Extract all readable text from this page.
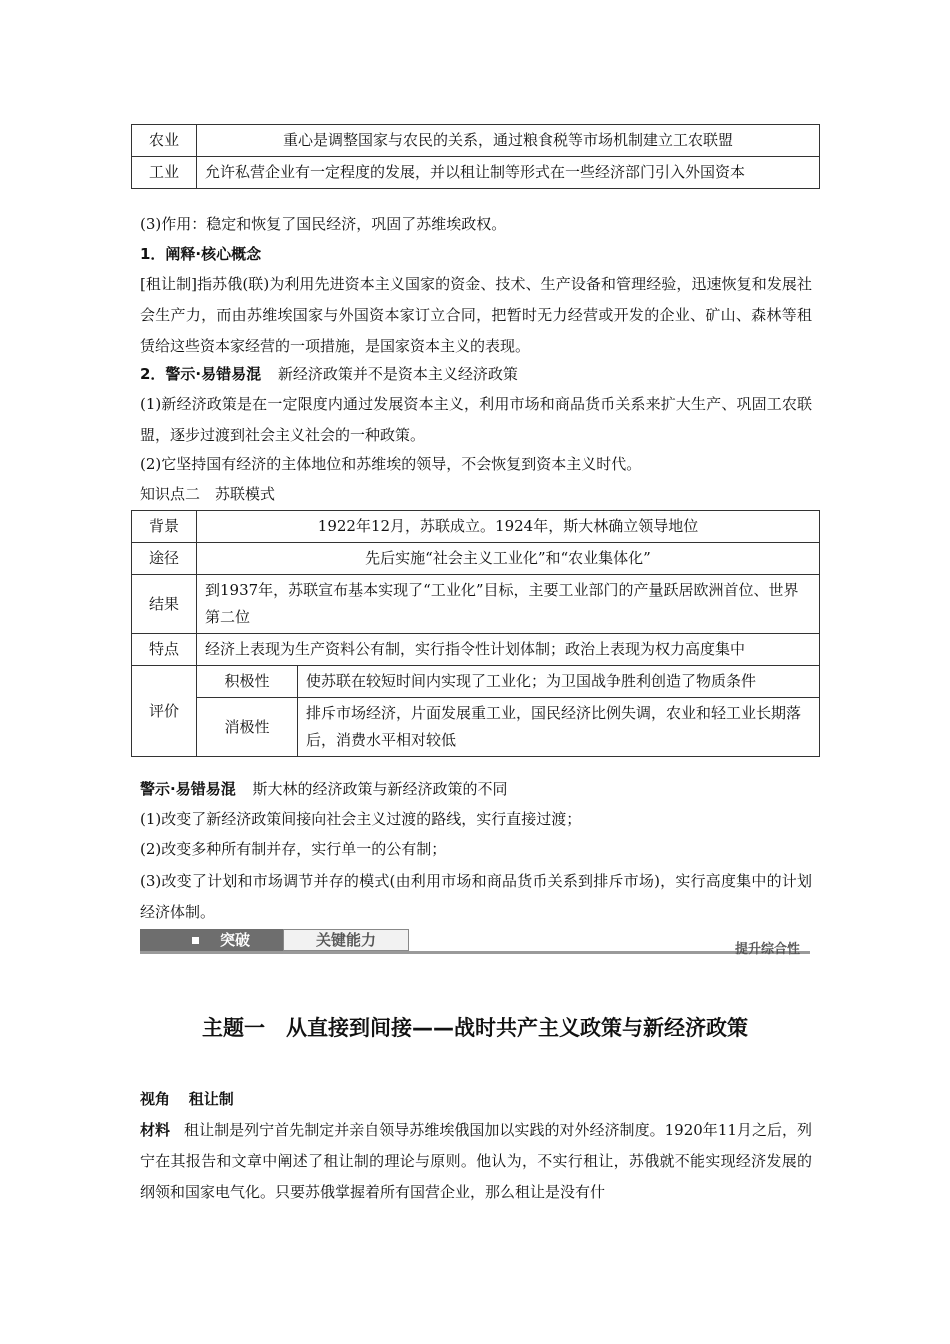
农业	重心是调整国家与农民的关系，通过粮食税等市场机制建立工农联盟
工业	允许私营企业有一定程度的发展，并以租让制等形式在一些经济部门引入外国资本
(3)作用：稳定和恢复了国民经济，巩固了苏维埃政权。
1．阐释·核心概念
[租让制]指苏俄(联)为利用先进资本主义国家的资金、技术、生产设备和管理经验，迅速恢复和发展社会生产力，而由苏维埃国家与外国资本家订立合同，把暂时无力经营或开发的企业、矿山、森林等租赁给这些资本家经营的一项措施，是国家资本主义的表现。
2．警示·易错易混 新经济政策并不是资本主义经济政策
(1)新经济政策是在一定限度内通过发展资本主义，利用市场和商品货币关系来扩大生产、巩固工农联盟，逐步过渡到社会主义社会的一种政策。
(2)它坚持国有经济的主体地位和苏维埃的领导，不会恢复到资本主义时代。
知识点二　苏联模式
背景	1922年12月，苏联成立。1924年，斯大林确立领导地位	
途径	先后实施“社会主义工业化”和“农业集体化”	
结果	到1937年，苏联宣布基本实现了“工业化”目标，主要工业部门的产量跃居欧洲首位、世界第二位	
特点	经济上表现为生产资料公有制，实行指令性计划体制；政治上表现为权力高度集中	
评价	积极性	使苏联在较短时间内实现了工业化；为卫国战争胜利创造了物质条件
	消极性	排斥市场经济，片面发展重工业，国民经济比例失调，农业和轻工业长期落后，消费水平相对较低
警示·易错易混 斯大林的经济政策与新经济政策的不同
(1)改变了新经济政策间接向社会主义过渡的路线，实行直接过渡；
(2)改变多种所有制并存，实行单一的公有制；
(3)改变了计划和市场调节并存的模式(由利用市场和商品货币关系到排斥市场)，实行高度集中的计划经济体制。
突破	关键能力
提升综合性
主题一　从直接到间接——战时共产主义政策与新经济政策
视角 租让制
材料 租让制是列宁首先制定并亲自领导苏维埃俄国加以实践的对外经济制度。1920年11月之后，列宁在其报告和文章中阐述了租让制的理论与原则。他认为，不实行租让，苏俄就不能实现经济发展的纲领和国家电气化。只要苏俄掌握着所有国营企业，那么租让是没有什
